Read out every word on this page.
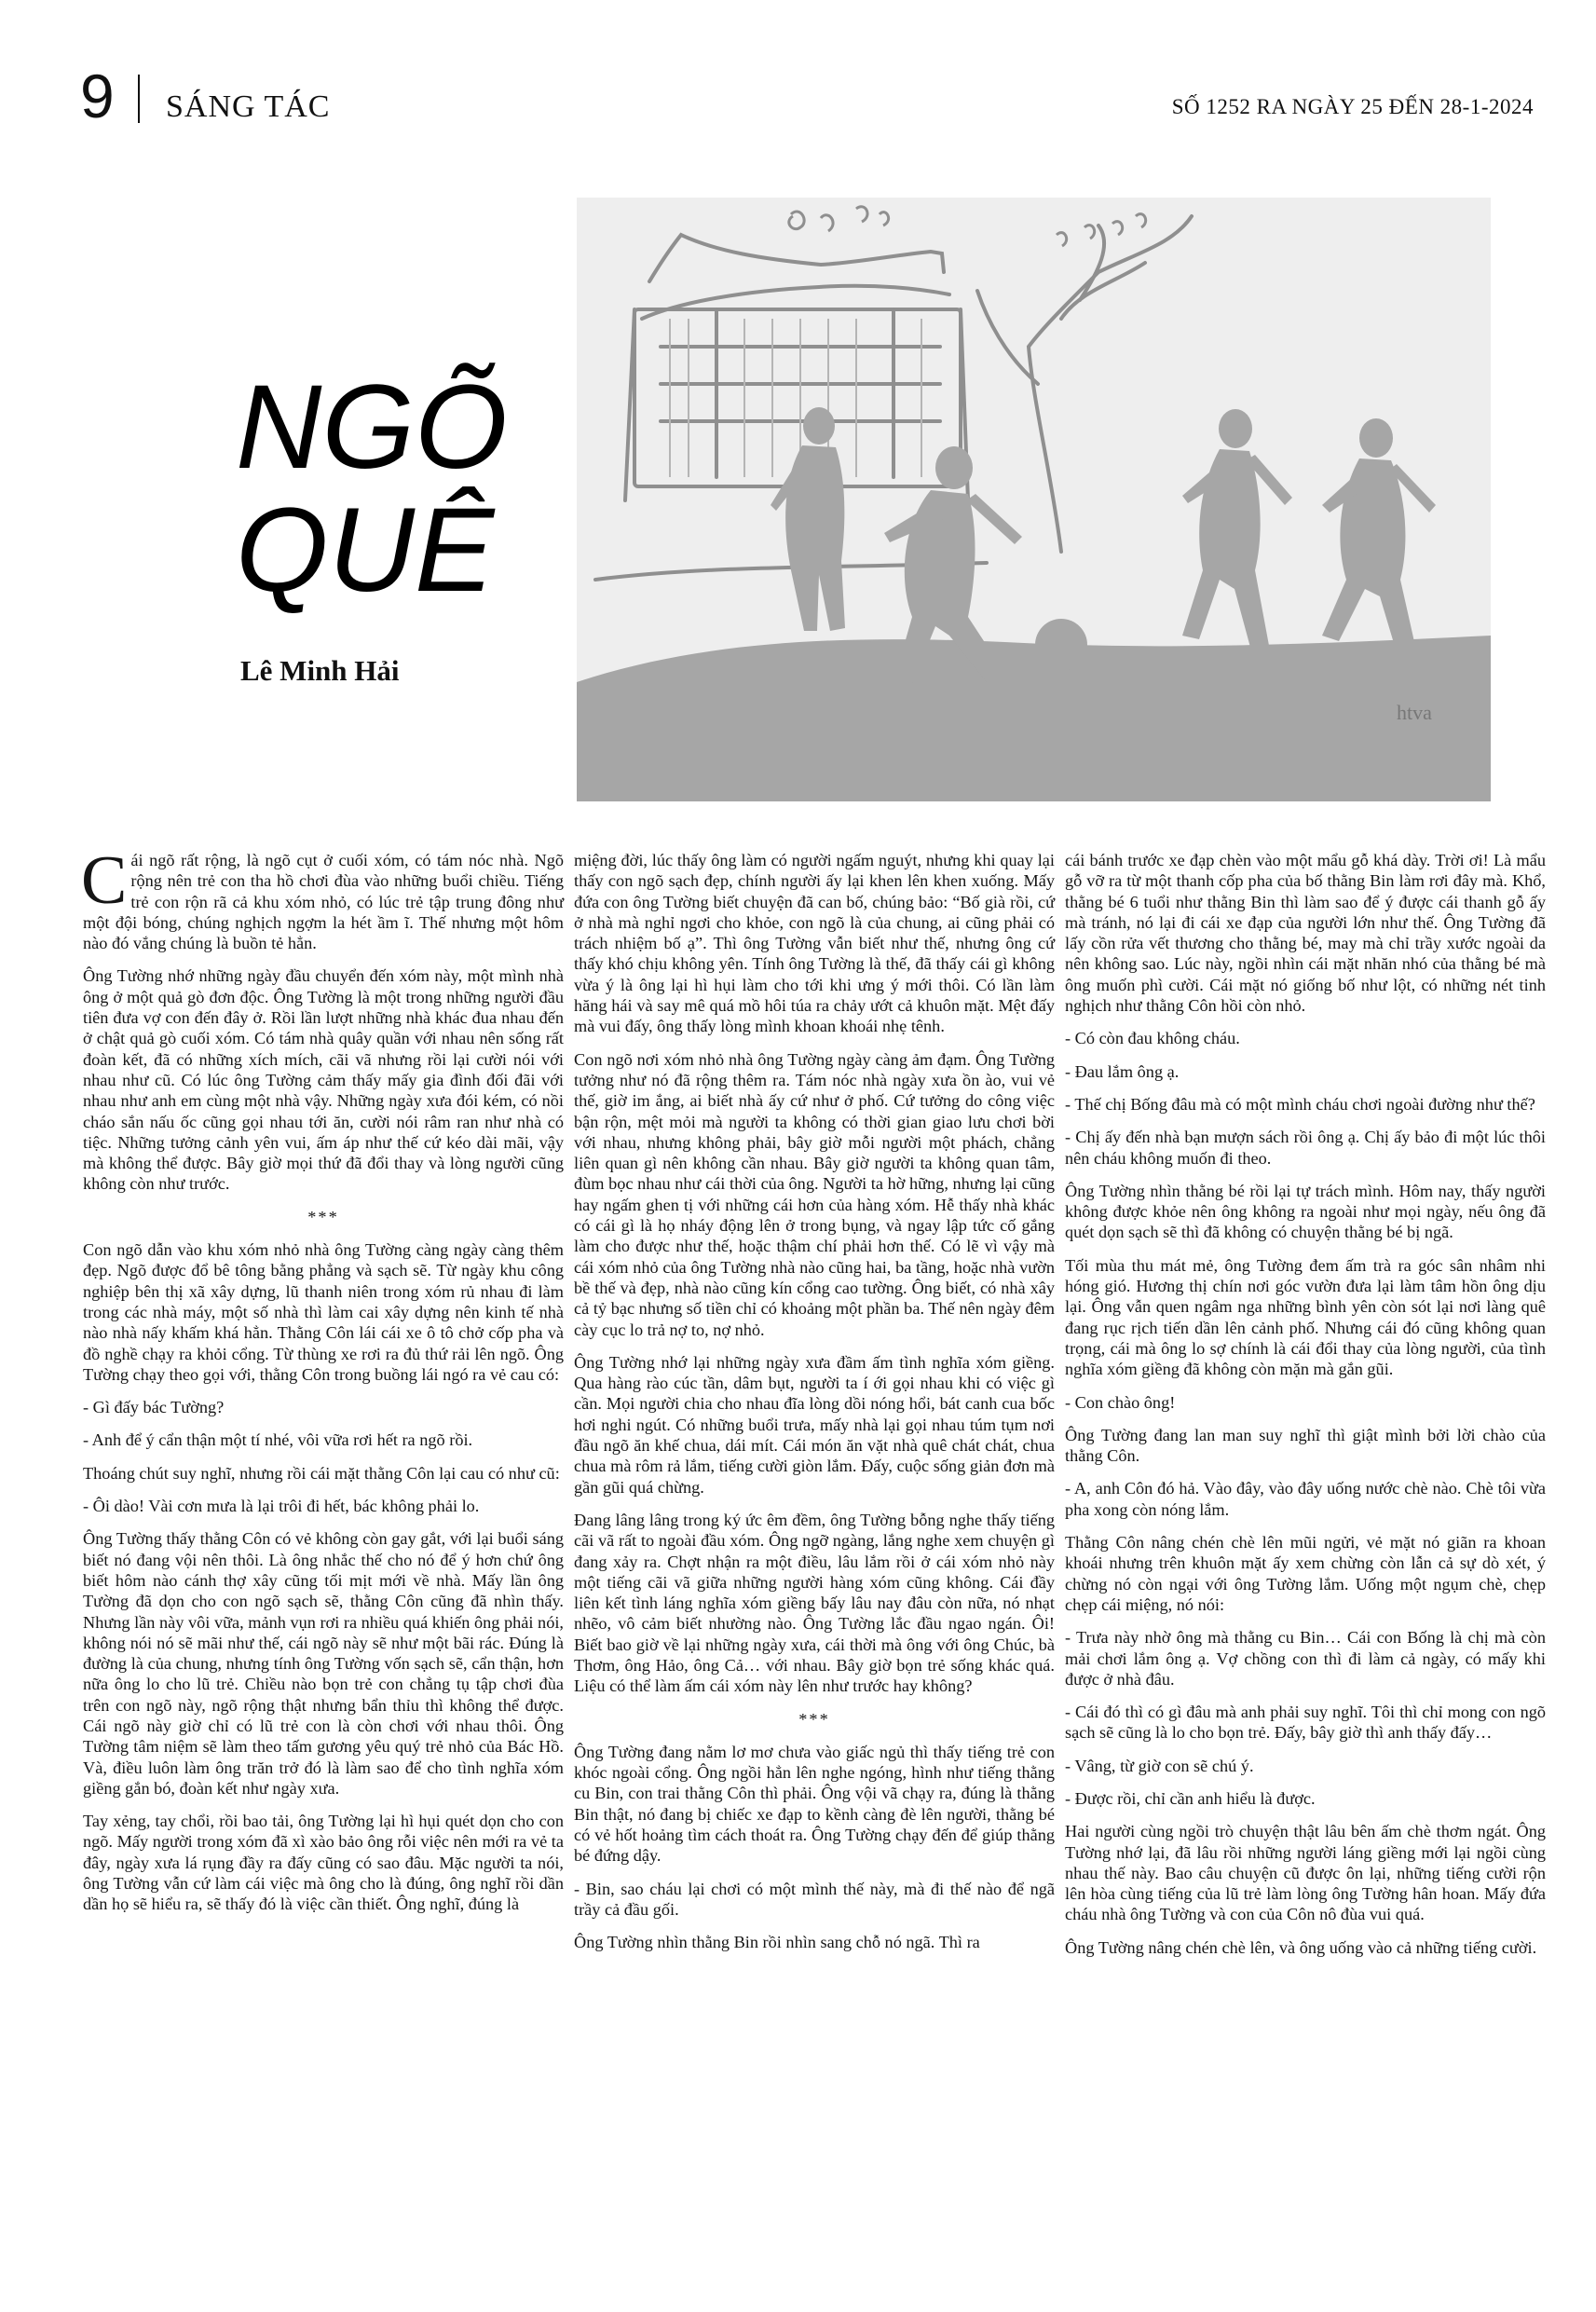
9 SÁNG TÁC	SỐ 1252 RA NGÀY 25 ĐẾN 28-1-2024
NGÕ
QUÊ
Lê Minh Hải
htva

Cái ngõ rất rộng, là ngõ cụt ở cuối xóm, có tám nóc nhà. Ngõ rộng nên trẻ con tha hồ chơi đùa vào những buổi chiều. Tiếng trẻ con rộn rã cả khu xóm nhỏ, có lúc trẻ tập trung đông như một đội bóng, chúng nghịch ngợm la hét ầm ĩ. Thế nhưng một hôm nào đó vắng chúng là buồn tẻ hẳn.

Ông Tường nhớ những ngày đầu chuyển đến xóm này, một mình nhà ông ở một quả gò đơn độc. Ông Tường là một trong những người đầu tiên đưa vợ con đến đây ở. Rồi lần lượt những nhà khác đua nhau đến ở chật quả gò cuối xóm. Có tám nhà quây quần với nhau nên sống rất đoàn kết, đã có những xích mích, cãi vã nhưng rồi lại cười nói với nhau như cũ. Có lúc ông Tường cảm thấy mấy gia đình đối đãi với nhau như anh em cùng một nhà vậy. Những ngày xưa đói kém, có nồi cháo sắn nấu ốc cũng gọi nhau tới ăn, cười nói râm ran như nhà có tiệc. Những tưởng cảnh yên vui, ấm áp như thế cứ kéo dài mãi, vậy mà không thể được. Bây giờ mọi thứ đã đổi thay và lòng người cũng không còn như trước.

***

Con ngõ dẫn vào khu xóm nhỏ nhà ông Tường càng ngày càng thêm đẹp. Ngõ được đổ bê tông bằng phẳng và sạch sẽ. Từ ngày khu công nghiệp bên thị xã xây dựng, lũ thanh niên trong xóm rủ nhau đi làm trong các nhà máy, một số nhà thì làm cai xây dựng nên kinh tế nhà nào nhà nấy khấm khá hẳn. Thằng Côn lái cái xe ô tô chở cốp pha và đồ nghề chạy ra khỏi cổng. Từ thùng xe rơi ra đủ thứ rải lên ngõ. Ông Tường chạy theo gọi với, thằng Côn trong buồng lái ngó ra vẻ cau có:

- Gì đấy bác Tường?

- Anh để ý cẩn thận một tí nhé, vôi vữa rơi hết ra ngõ rồi.

Thoáng chút suy nghĩ, nhưng rồi cái mặt thằng Côn lại cau có như cũ:

- Ôi dào! Vài cơn mưa là lại trôi đi hết, bác không phải lo.

Ông Tường thấy thằng Côn có vẻ không còn gay gắt, với lại buổi sáng biết nó đang vội nên thôi. Là ông nhắc thế cho nó để ý hơn chứ ông biết hôm nào cánh thợ xây cũng tối mịt mới về nhà. Mấy lần ông Tường đã dọn cho con ngõ sạch sẽ, thằng Côn cũng đã nhìn thấy. Nhưng lần này vôi vữa, mảnh vụn rơi ra nhiều quá khiến ông phải nói, không nói nó sẽ mãi như thế, cái ngõ này sẽ như một bãi rác. Đúng là đường là của chung, nhưng tính ông Tường vốn sạch sẽ, cẩn thận, hơn nữa ông lo cho lũ trẻ. Chiều nào bọn trẻ con chẳng tụ tập chơi đùa trên con ngõ này, ngõ rộng thật nhưng bẩn thỉu thì không thể được. Cái ngõ này giờ chỉ có lũ trẻ con là còn chơi với nhau thôi. Ông Tường tâm niệm sẽ làm theo tấm gương yêu quý trẻ nhỏ của Bác Hồ. Và, điều luôn làm ông trăn trở đó là làm sao để cho tình nghĩa xóm giềng gắn bó, đoàn kết như ngày xưa.

Tay xẻng, tay chổi, rồi bao tải, ông Tường lại hì hụi quét dọn cho con ngõ. Mấy người trong xóm đã xì xào bảo ông rỗi việc nên mới ra vẻ ta đây, ngày xưa lá rụng đầy ra đấy cũng có sao đâu. Mặc người ta nói, ông Tường vẫn cứ làm cái việc mà ông cho là đúng, ông nghĩ rồi dần dần họ sẽ hiểu ra, sẽ thấy đó là việc cần thiết. Ông nghĩ, đúng là

miệng đời, lúc thấy ông làm có người ngấm nguýt, nhưng khi quay lại thấy con ngõ sạch đẹp, chính người ấy lại khen lên khen xuống. Mấy đứa con ông Tường biết chuyện đã can bố, chúng bảo: “Bố già rồi, cứ ở nhà mà nghỉ ngơi cho khỏe, con ngõ là của chung, ai cũng phải có trách nhiệm bố ạ”. Thì ông Tường vẫn biết như thế, nhưng ông cứ thấy khó chịu không yên. Tính ông Tường là thế, đã thấy cái gì không vừa ý là ông lại hì hụi làm cho tới khi ưng ý mới thôi. Có lần làm hăng hái và say mê quá mồ hôi túa ra chảy ướt cả khuôn mặt. Mệt đấy mà vui đấy, ông thấy lòng mình khoan khoái nhẹ tênh.

Con ngõ nơi xóm nhỏ nhà ông Tường ngày càng ảm đạm. Ông Tường tưởng như nó đã rộng thêm ra. Tám nóc nhà ngày xưa ồn ào, vui vẻ thế, giờ im ắng, ai biết nhà ấy cứ như ở phố. Cứ tưởng do công việc bận rộn, mệt mỏi mà người ta không có thời gian giao lưu chơi bời với nhau, nhưng không phải, bây giờ mỗi người một phách, chẳng liên quan gì nên không cần nhau. Bây giờ người ta không quan tâm, đùm bọc nhau như cái thời của ông. Người ta hờ hững, nhưng lại cũng hay ngấm ghen tị với những cái hơn của hàng xóm. Hễ thấy nhà khác có cái gì là họ nháy động lên ở trong bụng, và ngay lập tức cố gắng làm cho được như thế, hoặc thậm chí phải hơn thế. Có lẽ vì vậy mà cái xóm nhỏ của ông Tường nhà nào cũng hai, ba tầng, hoặc nhà vườn bề thế và đẹp, nhà nào cũng kín cổng cao tường. Ông biết, có nhà xây cả tỷ bạc nhưng số tiền chỉ có khoảng một phần ba. Thế nên ngày đêm cày cục lo trả nợ to, nợ nhỏ.

Ông Tường nhớ lại những ngày xưa đầm ấm tình nghĩa xóm giềng. Qua hàng rào cúc tần, dâm bụt, người ta í ới gọi nhau khi có việc gì cần. Mọi người chia cho nhau đĩa lòng dồi nóng hổi, bát canh cua bốc hơi nghi ngút. Có những buổi trưa, mấy nhà lại gọi nhau túm tụm nơi đầu ngõ ăn khế chua, dái mít. Cái món ăn vặt nhà quê chát chát, chua chua mà rôm rả lắm, tiếng cười giòn lắm. Đấy, cuộc sống giản đơn mà gần gũi quá chừng.

Đang lâng lâng trong ký ức êm đềm, ông Tường bỗng nghe thấy tiếng cãi vã rất to ngoài đầu xóm. Ông ngỡ ngàng, lắng nghe xem chuyện gì đang xảy ra. Chợt nhận ra một điều, lâu lắm rồi ở cái xóm nhỏ này một tiếng cãi vã giữa những người hàng xóm cũng không. Cái đầy liên kết tình láng nghĩa xóm giềng bấy lâu nay đâu còn nữa, nó nhạt nhẽo, vô cảm biết nhường nào. Ông Tường lắc đầu ngao ngán. Ôi! Biết bao giờ về lại những ngày xưa, cái thời mà ông với ông Chúc, bà Thơm, ông Hảo, ông Cả… với nhau. Bây giờ bọn trẻ sống khác quá. Liệu có thể làm ấm cái xóm này lên như trước hay không?

***

Ông Tường đang nằm lơ mơ chưa vào giấc ngủ thì thấy tiếng trẻ con khóc ngoài cổng. Ông ngồi hẳn lên nghe ngóng, hình như tiếng thằng cu Bin, con trai thằng Côn thì phải. Ông vội vã chạy ra, đúng là thằng Bin thật, nó đang bị chiếc xe đạp to kềnh càng đè lên người, thằng bé có vẻ hốt hoảng tìm cách thoát ra. Ông Tường chạy đến để giúp thằng bé đứng dậy.

- Bin, sao cháu lại chơi có một mình thế này, mà đi thế nào để ngã trầy cả đầu gối.

Ông Tường nhìn thằng Bin rồi nhìn sang chỗ nó ngã. Thì ra

cái bánh trước xe đạp chèn vào một mẩu gỗ khá dày. Trời ơi! Là mẩu gỗ vỡ ra từ một thanh cốp pha của bố thằng Bin làm rơi đây mà. Khổ, thằng bé 6 tuổi như thằng Bin thì làm sao để ý được cái thanh gỗ ấy mà tránh, nó lại đi cái xe đạp của người lớn như thế. Ông Tường đã lấy cồn rửa vết thương cho thằng bé, may mà chỉ trầy xước ngoài da nên không sao. Lúc này, ngồi nhìn cái mặt nhăn nhó của thằng bé mà ông muốn phì cười. Cái mặt nó giống bố như lột, có những nét tinh nghịch như thằng Côn hồi còn nhỏ.

- Có còn đau không cháu.

- Đau lắm ông ạ.

- Thế chị Bống đâu mà có một mình cháu chơi ngoài đường như thế?

- Chị ấy đến nhà bạn mượn sách rồi ông ạ. Chị ấy bảo đi một lúc thôi nên cháu không muốn đi theo.

Ông Tường nhìn thằng bé rồi lại tự trách mình. Hôm nay, thấy người không được khỏe nên ông không ra ngoài như mọi ngày, nếu ông đã quét dọn sạch sẽ thì đã không có chuyện thằng bé bị ngã.

Tối mùa thu mát mẻ, ông Tường đem ấm trà ra góc sân nhâm nhi hóng gió. Hương thị chín nơi góc vườn đưa lại làm tâm hồn ông dịu lại. Ông vẫn quen ngâm nga những bình yên còn sót lại nơi làng quê đang rục rịch tiến dần lên cảnh phố. Nhưng cái đó cũng không quan trọng, cái mà ông lo sợ chính là cái đổi thay của lòng người, của tình nghĩa xóm giềng đã không còn mặn mà gắn gũi.

- Con chào ông!

Ông Tường đang lan man suy nghĩ thì giật mình bởi lời chào của thằng Côn.

- A, anh Côn đó hả. Vào đây, vào đây uống nước chè nào. Chè tôi vừa pha xong còn nóng lắm.

Thằng Côn nâng chén chè lên mũi ngửi, vẻ mặt nó giãn ra khoan khoái nhưng trên khuôn mặt ấy xem chừng còn lẫn cả sự dò xét, ý chừng nó còn ngại với ông Tường lắm. Uống một ngụm chè, chẹp chẹp cái miệng, nó nói:

- Trưa này nhờ ông mà thằng cu Bin… Cái con Bống là chị mà còn mải chơi lắm ông ạ. Vợ chồng con thì đi làm cả ngày, có mấy khi được ở nhà đâu.

- Cái đó thì có gì đâu mà anh phải suy nghĩ. Tôi thì chỉ mong con ngõ sạch sẽ cũng là lo cho bọn trẻ. Đấy, bây giờ thì anh thấy đấy…

- Vâng, từ giờ con sẽ chú ý.

- Được rồi, chỉ cần anh hiểu là được.

Hai người cùng ngồi trò chuyện thật lâu bên ấm chè thơm ngát. Ông Tường nhớ lại, đã lâu rồi những người láng giềng mới lại ngồi cùng nhau thế này. Bao câu chuyện cũ được ôn lại, những tiếng cười rộn lên hòa cùng tiếng của lũ trẻ làm lòng ông Tường hân hoan. Mấy đứa cháu nhà ông Tường và con của Côn nô đùa vui quá.

Ông Tường nâng chén chè lên, và ông uống vào cả những tiếng cười.
